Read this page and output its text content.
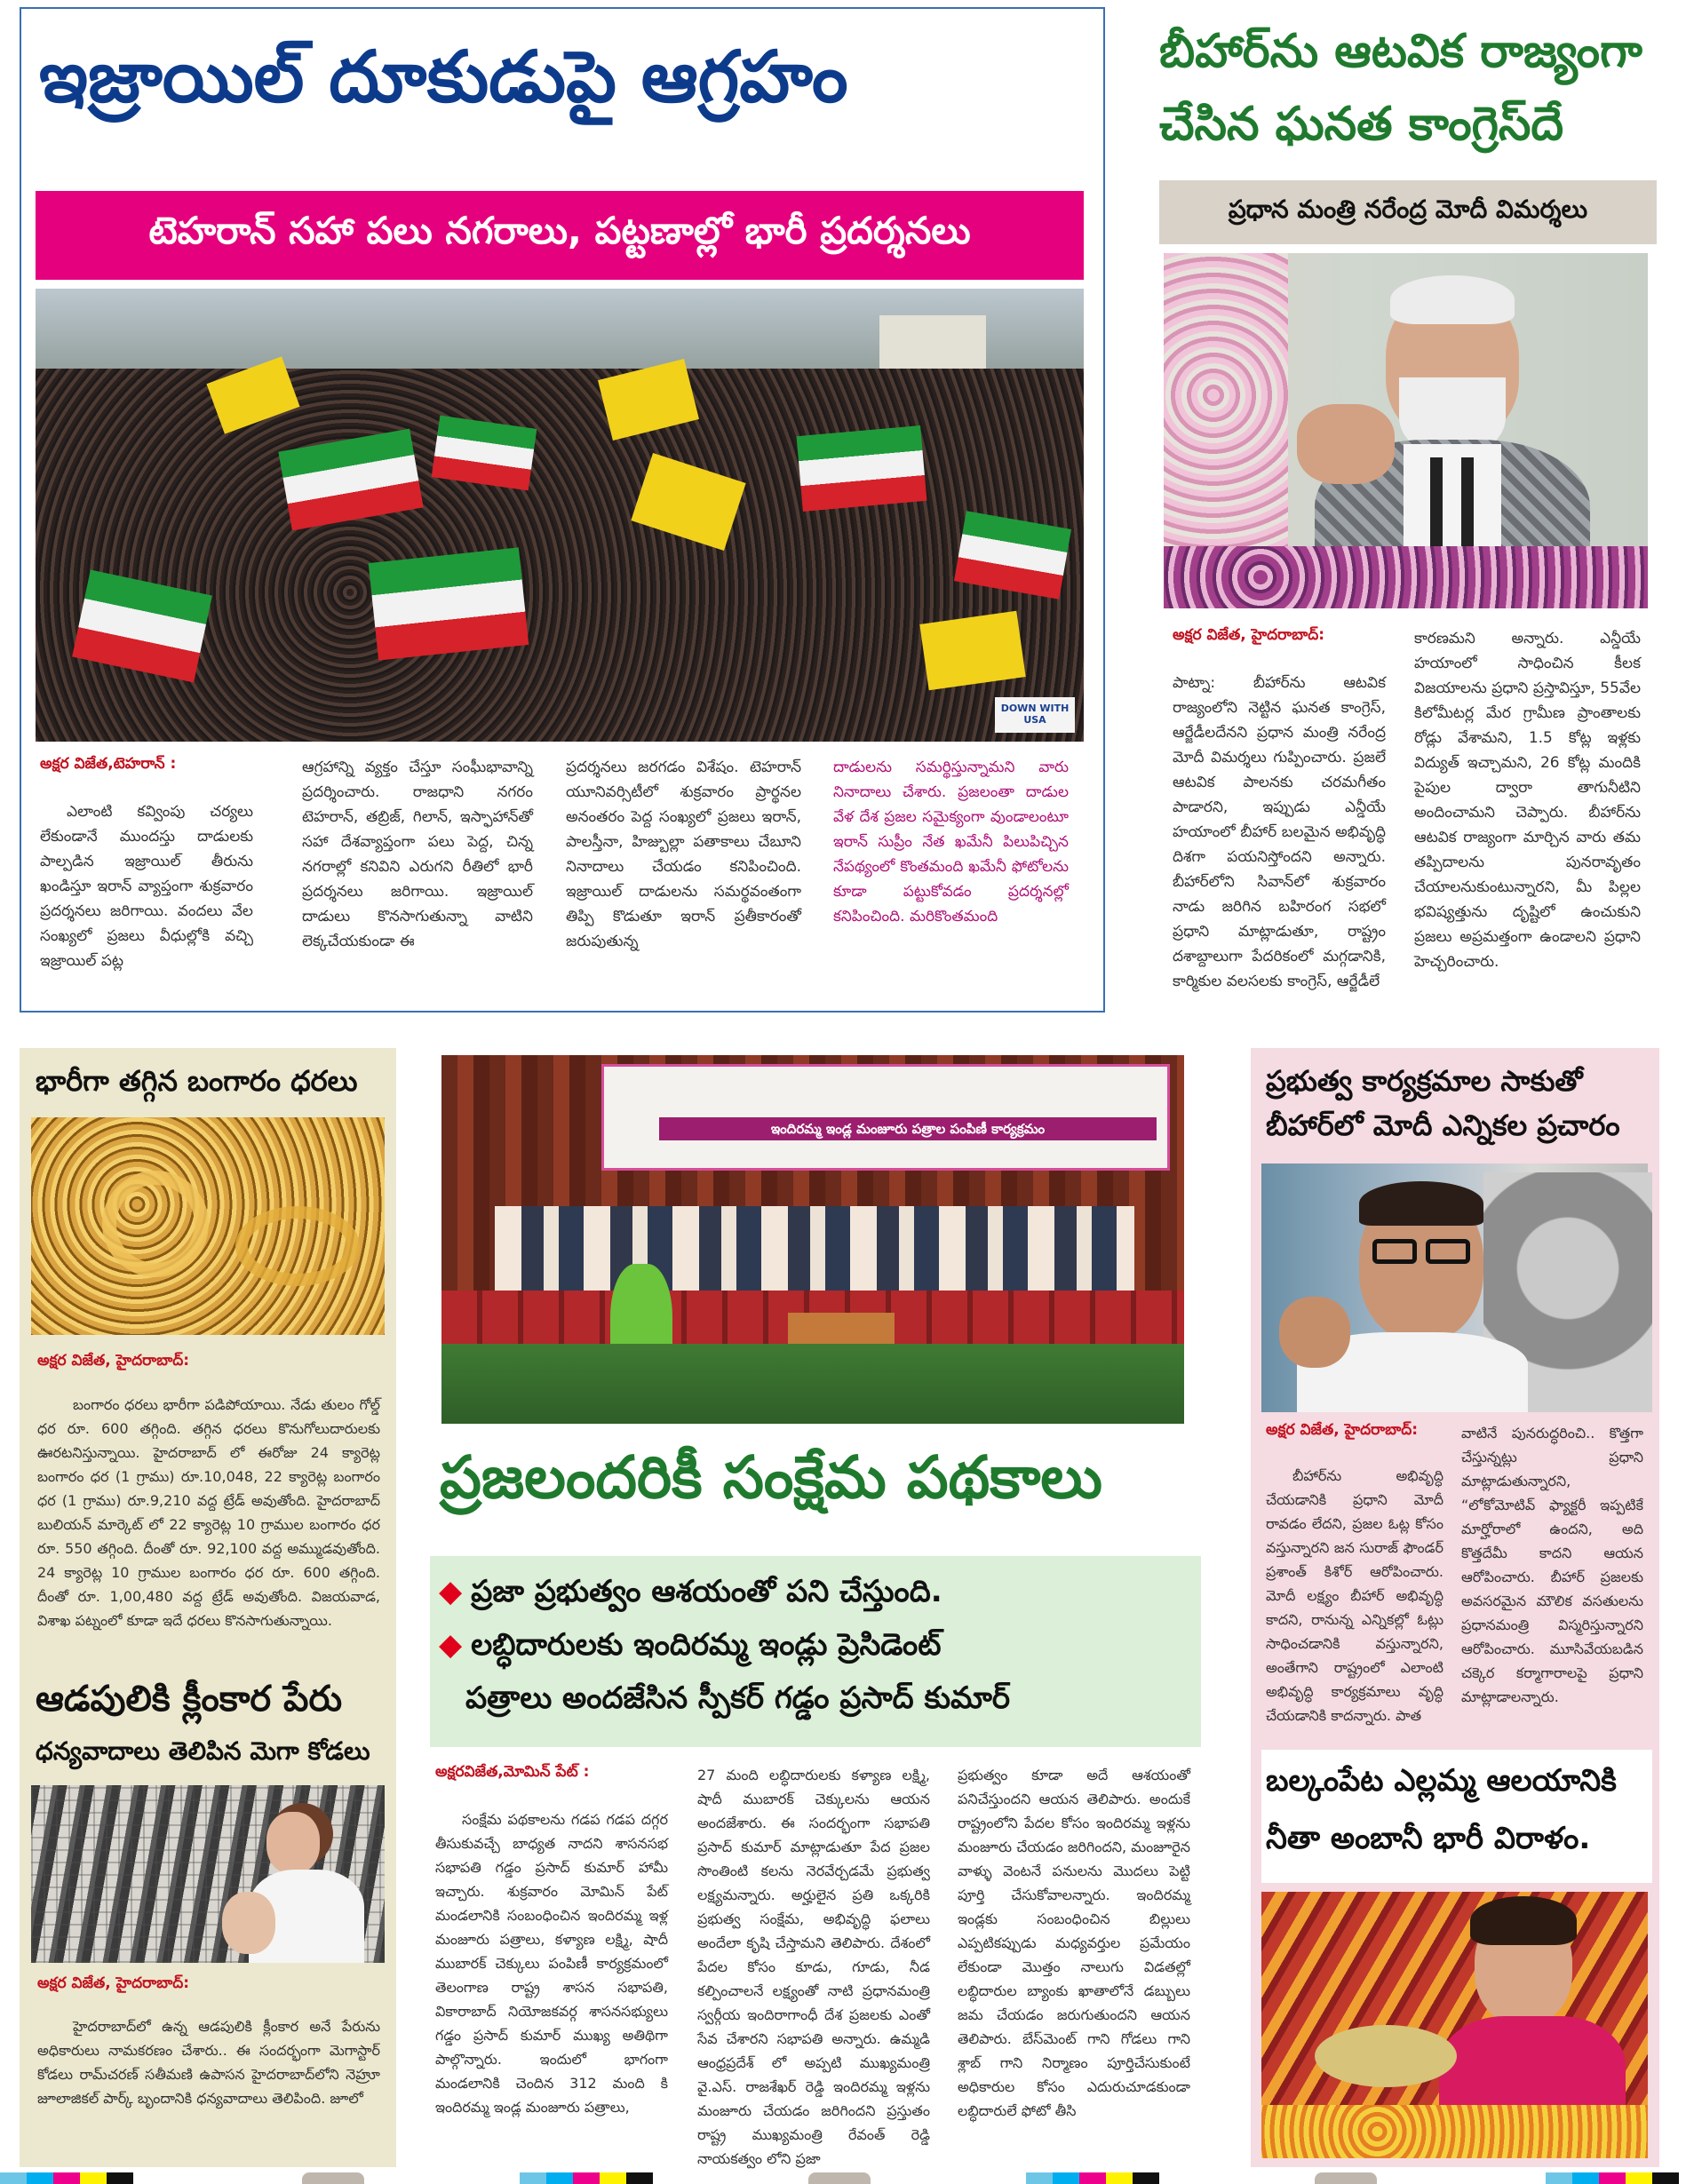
ఇజ్రాయిల్ దూకుడుపై ఆగ్రహం
టెహరాన్ సహా పలు నగరాలు, పట్టణాల్లో భారీ ప్రదర్శనలు
DOWN WITH USA
అక్షర విజేత,టెహరాన్ :
ఎలాంటి కవ్వింపు చర్యలు లేకుండానే ముందస్తు దాడులకు పాల్పడిన ఇజ్రాయిల్ తీరును ఖండిస్తూ ఇరాన్ వ్యాప్తంగా శుక్రవారం ప్రదర్శనలు జరిగాయి. వందలు వేల సంఖ్యలో ప్రజలు వీధుల్లోకి వచ్చి ఇజ్రాయిల్ పట్ల
ఆగ్రహాన్ని వ్యక్తం చేస్తూ సంఘీభావాన్ని ప్రదర్శించారు. రాజధాని నగరం టెహరాన్, తబ్రిజ్, గిలాన్, ఇస్ఫాహాన్‌తో సహా దేశవ్యాప్తంగా పలు పెద్ద, చిన్న నగరాల్లో కనివిని ఎరుగని రీతిలో భారీ ప్రదర్శనలు జరిగాయి. ఇజ్రాయిల్ దాడులు కొనసాగుతున్నా వాటిని లెక్కచేయకుండా ఈ
ప్రదర్శనలు జరగడం విశేషం. టెహరాన్ యూనివర్సిటీలో శుక్రవారం ప్రార్థనల అనంతరం పెద్ద సంఖ్యలో ప్రజలు ఇరాన్, పాలస్తీనా, హిజ్బుల్లా పతాకాలు చేబూని నినాదాలు చేయడం కనిపించింది. ఇజ్రాయిల్ దాడులను సమర్థవంతంగా తిప్పి కొడుతూ ఇరాన్ ప్రతీకారంతో జరుపుతున్న
దాడులను సమర్థిస్తున్నామని వారు నినాదాలు చేశారు. ప్రజలంతా దాడుల వేళ దేశ ప్రజల సమైక్యంగా వుండాలంటూ ఇరాన్ సుప్రీం నేత ఖమేనీ పిలుపిచ్చిన నేపథ్యంలో కొంతమంది ఖమేనీ ఫోటోలను కూడా పట్టుకోవడం ప్రదర్శనల్లో కనిపించింది. మరికొంతమంది
బీహార్‌ను ఆటవిక రాజ్యంగా
చేసిన ఘనత కాంగ్రెస్‌దే
ప్రధాన మంత్రి నరేంద్ర మోదీ విమర్శలు
అక్షర విజేత, హైదరాబాద్:
పాట్నా: బీహార్‌ను ఆటవిక రాజ్యంలోని నెట్టిన ఘనత కాంగ్రెస్, ఆర్జేడీలదేనని ప్రధాన మంత్రి నరేంద్ర మోదీ విమర్శలు గుప్పించారు. ప్రజలే ఆటవిక పాలనకు చరమగీతం పాడారని, ఇప్పుడు ఎన్డీయే హయాంలో బీహార్ బలమైన అభివృద్ధి దిశగా పయనిస్తోందని అన్నారు. బీహార్‌లోని సివాన్‌లో శుక్రవారం నాడు జరిగిన బహిరంగ సభలో ప్రధాని మాట్లాడుతూ, రాష్ట్రం దశాబ్దాలుగా పేదరికంలో మగ్గడానికి, కార్మికుల వలసలకు కాంగ్రెస్, ఆర్జేడీలే
కారణమని అన్నారు. ఎన్డీయే హయాంలో సాధించిన కీలక విజయాలను ప్రధాని ప్రస్తావిస్తూ, 55వేల కిలోమీటర్ల మేర గ్రామీణ ప్రాంతాలకు రోడ్లు వేశామని, 1.5 కోట్ల ఇళ్లకు విద్యుత్ ఇచ్చామని, 26 కోట్ల మందికి పైపుల ద్వారా తాగునీటిని అందించామని చెప్పారు. బీహార్‌ను ఆటవిక రాజ్యంగా మార్చిన వారు తమ తప్పిదాలను పునరావృతం చేయాలనుకుంటున్నారని, మీ పిల్లల భవిష్యత్తును దృష్టిలో ఉంచుకుని ప్రజలు అప్రమత్తంగా ఉండాలని ప్రధాని హెచ్చరించారు.
భారీగా తగ్గిన బంగారం ధరలు
అక్షర విజేత, హైదరాబాద్:
బంగారం ధరలు భారీగా పడిపోయాయి. నేడు తులం గోల్డ్ ధర రూ. 600 తగ్గింది. తగ్గిన ధరలు కొనుగోలుదారులకు ఊరటనిస్తున్నాయి. హైదరాబాద్ లో ఈరోజు 24 క్యారెట్ల బంగారం ధర (1 గ్రాము) రూ.10,048, 22 క్యారెట్ల బంగారం ధర (1 గ్రాము) రూ.9,210 వద్ద ట్రేడ్ అవుతోంది. హైదరాబాద్ బులియన్ మార్కెట్ లో 22 క్యారెట్ల 10 గ్రాముల బంగారం ధర రూ. 550 తగ్గింది. దీంతో రూ. 92,100 వద్ద అమ్ముడవుతోంది. 24 క్యారెట్ల 10 గ్రాముల బంగారం ధర రూ. 600 తగ్గింది. దీంతో రూ. 1,00,480 వద్ద ట్రేడ్ అవుతోంది. విజయవాడ, విశాఖ పట్నంలో కూడా ఇదే ధరలు కొనసాగుతున్నాయి.
ఆడపులికి క్లీంకార పేరు
ధన్యవాదాలు తెలిపిన మెగా కోడలు
అక్షర విజేత, హైదరాబాద్:
హైదరాబాద్‌లో ఉన్న ఆడపులికి క్లీంకార అనే పేరును అధికారులు నామకరణం చేశారు.. ఈ సందర్భంగా మెగాస్టార్ కోడలు రామ్‌చరణ్ సతీమణి ఉపాసన హైదరాబాద్‌లోని నెహ్రూ జూలాజికల్ పార్క్ బృందానికి ధన్యవాదాలు తెలిపింది. జూలో
ఇందిరమ్మ ఇండ్ల మంజూరు పత్రాల పంపిణీ కార్యక్రమం
ప్రజలందరికీ సంక్షేమ పథకాలు
◆ ప్రజా ప్రభుత్వం ఆశయంతో పని చేస్తుంది.
◆ లబ్ధిదారులకు ఇందిరమ్మ ఇండ్లు ప్రెసిడెంట్
పత్రాలు అందజేసిన స్పీకర్ గడ్డం ప్రసాద్ కుమార్
అక్షరవిజేత,మోమిన్ పేట్ :
సంక్షేమ పథకాలను గడప గడప దగ్గర తీసుకువచ్చే బాధ్యత నాదని శాసనసభ సభాపతి గడ్డం ప్రసాద్ కుమార్ హామీ ఇచ్చారు. శుక్రవారం మోమిన్ పేట్ మండలానికి సంబంధించిన ఇందిరమ్మ ఇళ్ల మంజూరు పత్రాలు, కళ్యాణ లక్ష్మి, షాదీ ముబారక్ చెక్కులు పంపిణీ కార్యక్రమంలో తెలంగాణ రాష్ట్ర శాసన సభాపతి, వికారాబాద్ నియోజకవర్గ శాసనసభ్యులు గడ్డం ప్రసాద్ కుమార్ ముఖ్య అతిథిగా పాల్గొన్నారు. ఇందులో భాగంగా మండలానికి చెందిన 312 మంది కి ఇందిరమ్మ ఇండ్ల మంజూరు పత్రాలు,
27 మంది లబ్ధిదారులకు కళ్యాణ లక్ష్మి, షాదీ ముబారక్ చెక్కులను ఆయన అందజేశారు. ఈ సందర్భంగా సభాపతి ప్రసాద్ కుమార్ మాట్లాడుతూ పేద ప్రజల సొంతింటి కలను నెరవేర్చడమే ప్రభుత్వ లక్ష్యమన్నారు. అర్హులైన ప్రతి ఒక్కరికి ప్రభుత్వ సంక్షేమ, అభివృద్ధి ఫలాలు అందేలా కృషి చేస్తామని తెలిపారు. దేశంలో పేదల కోసం కూడు, గూడు, నీడ కల్పించాలనే లక్ష్యంతో నాటి ప్రధానమంత్రి స్వర్గీయ ఇందిరాగాంధీ దేశ ప్రజలకు ఎంతో సేవ చేశారని సభాపతి అన్నారు. ఉమ్మడి ఆంధ్రప్రదేశ్ లో అప్పటి ముఖ్యమంత్రి వై.ఎస్. రాజశేఖర్ రెడ్డి ఇందిరమ్మ ఇళ్లను మంజూరు చేయడం జరిగిందని ప్రస్తుతం రాష్ట్ర ముఖ్యమంత్రి రేవంత్ రెడ్డి నాయకత్వం లోని ప్రజా
ప్రభుత్వం కూడా అదే ఆశయంతో పనిచేస్తుందని ఆయన తెలిపారు. అందుకే రాష్ట్రంలోని పేదల కోసం ఇందిరమ్మ ఇళ్లను మంజూరు చేయడం జరిగిందని, మంజూరైన వాళ్ళు వెంటనే పనులను మొదలు పెట్టి పూర్తి చేసుకోవాలన్నారు. ఇందిరమ్మ ఇండ్లకు సంబంధించిన బిల్లులు ఎప్పటికప్పుడు మధ్యవర్తుల ప్రమేయం లేకుండా మొత్తం నాలుగు విడతల్లో లబ్ధిదారుల బ్యాంకు ఖాతాలోనే డబ్బులు జమ చేయడం జరుగుతుందని ఆయన తెలిపారు. బేస్‌మెంట్ గాని గోడలు గాని శ్లాబ్ గాని నిర్మాణం పూర్తిచేసుకుంటే అధికారుల కోసం ఎదురుచూడకుండా లబ్ధిదారులే ఫోటో తీసి
ప్రభుత్వ కార్యక్రమాల సాకుతో
బీహార్‌లో మోదీ ఎన్నికల ప్రచారం
అక్షర విజేత, హైదరాబాద్:
బీహార్‌ను అభివృద్ధి చేయడానికి ప్రధాని మోదీ రావడం లేదని, ప్రజల ఓట్ల కోసం వస్తున్నారని జన సురాజ్ ఫౌండర్ ప్రశాంత్ కిశోర్ ఆరోపించారు. మోదీ లక్ష్యం బీహార్ అభివృద్ధి కాదని, రానున్న ఎన్నికల్లో ఓట్లు సాధించడానికి వస్తున్నారని, అంతేగాని రాష్ట్రంలో ఎలాంటి అభివృద్ధి కార్యక్రమాలు వృద్ధి చేయడానికి కాదన్నారు. పాత
వాటినే పునరుద్ధరించి.. కొత్తగా చేస్తున్నట్లు ప్రధాని మాట్లాడుతున్నారని, “లోకోమోటివ్ ఫ్యాక్టరీ ఇప్పటికే మార్హోరాలో ఉందని, అది కొత్తదేమీ కాదని ఆయన ఆరోపించారు. బీహార్ ప్రజలకు అవసరమైన మౌలిక వసతులను ప్రధానమంత్రి విస్మరిస్తున్నారని ఆరోపించారు. మూసివేయబడిన చక్కెర కర్మాగారాలపై ప్రధాని మాట్లాడాలన్నారు.
బల్కంపేట ఎల్లమ్మ ఆలయానికి
నీతా అంబానీ భారీ విరాళం.
